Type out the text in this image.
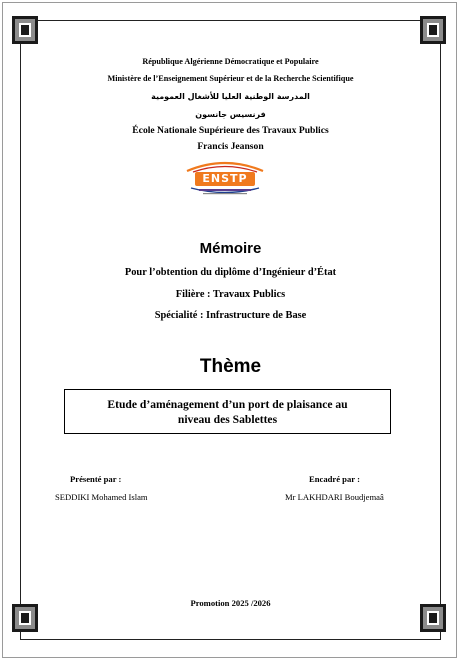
République Algérienne Démocratique et Populaire
Ministère de l’Enseignement Supérieur et de la Recherche Scientifique
المدرسة الوطنية العليا للأشغال العمومية
فرنسيس جانسون
École Nationale Supérieure des Travaux Publics
Francis Jeanson
ENSTP
Mémoire
Pour l’obtention du diplôme d’Ingénieur d’État
Filière : Travaux Publics
Spécialité : Infrastructure de Base
Thème
Etude d’aménagement d’un port de plaisance au
niveau des Sablettes
Présenté par :
SEDDIKI Mohamed Islam
Encadré par :
Mr LAKHDARI Boudjemaâ
Promotion 2025 /2026
